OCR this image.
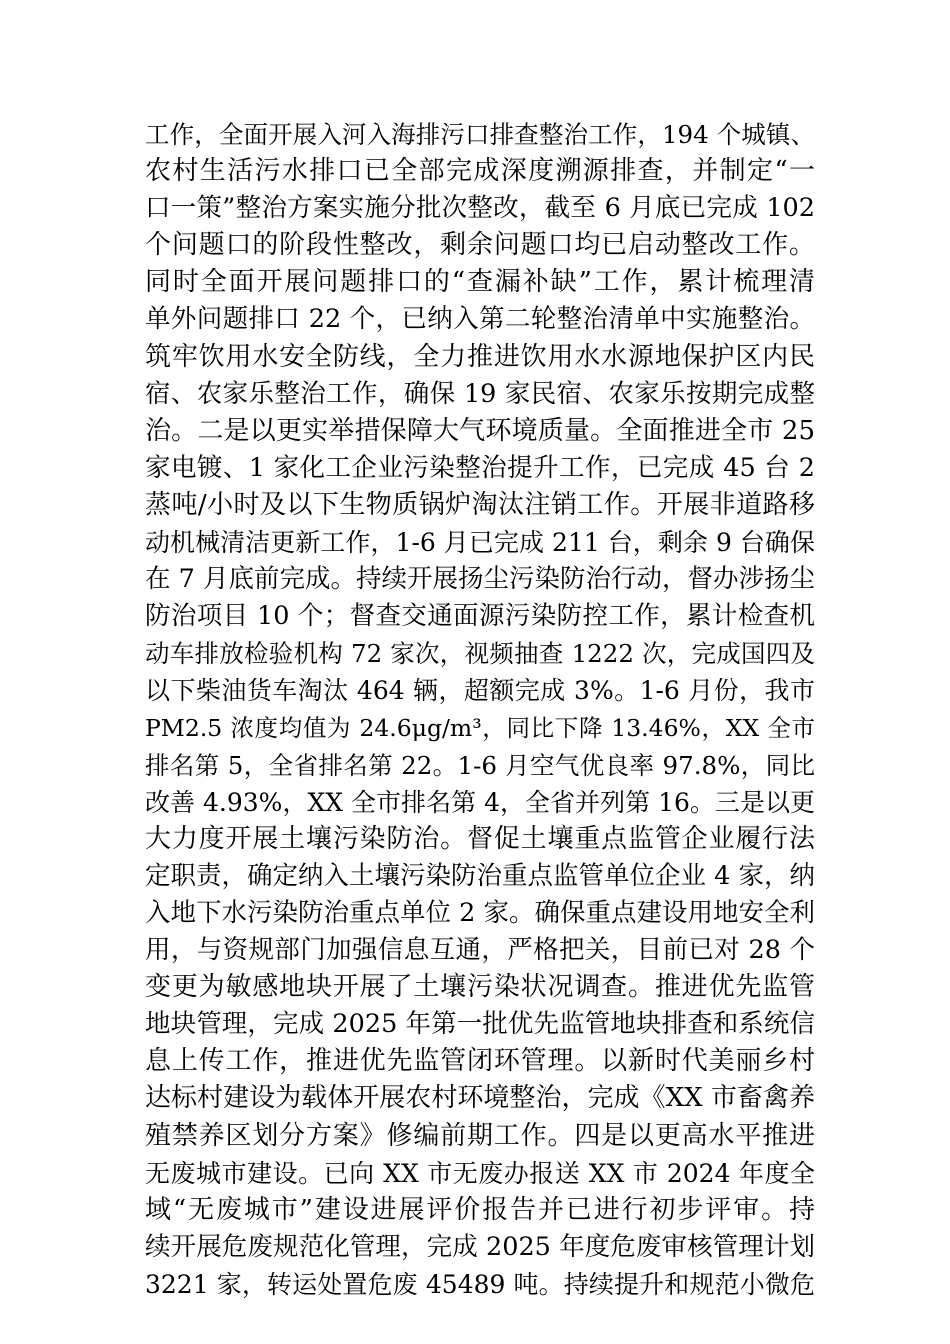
工作，全面开展入河入海排污口排查整治工作，194 个城镇、
农村生活污水排口已全部完成深度溯源排查，并制定“一
口一策”整治方案实施分批次整改，截至 6 月底已完成 102
个问题口的阶段性整改，剩余问题口均已启动整改工作。
同时全面开展问题排口的“查漏补缺”工作，累计梳理清
单外问题排口 22 个，已纳入第二轮整治清单中实施整治。
筑牢饮用水安全防线，全力推进饮用水水源地保护区内民
宿、农家乐整治工作，确保 19 家民宿、农家乐按期完成整
治。二是以更实举措保障大气环境质量。全面推进全市 25
家电镀、1 家化工企业污染整治提升工作，已完成 45 台 2
蒸吨/小时及以下生物质锅炉淘汰注销工作。开展非道路移
动机械清洁更新工作，1-6 月已完成 211 台，剩余 9 台确保
在 7 月底前完成。持续开展扬尘污染防治行动，督办涉扬尘
防治项目 10 个；督查交通面源污染防控工作，累计检查机
动车排放检验机构 72 家次，视频抽查 1222 次，完成国四及
以下柴油货车淘汰 464 辆，超额完成 3%。1-6 月份，我市
PM2.5 浓度均值为 24.6μg/m³，同比下降 13.46%，XX 全市
排名第 5，全省排名第 22。1-6 月空气优良率 97.8%，同比
改善 4.93%，XX 全市排名第 4，全省并列第 16。三是以更
大力度开展土壤污染防治。督促土壤重点监管企业履行法
定职责，确定纳入土壤污染防治重点监管单位企业 4 家，纳
入地下水污染防治重点单位 2 家。确保重点建设用地安全利
用，与资规部门加强信息互通，严格把关，目前已对 28 个
变更为敏感地块开展了土壤污染状况调查。推进优先监管
地块管理，完成 2025 年第一批优先监管地块排查和系统信
息上传工作，推进优先监管闭环管理。以新时代美丽乡村
达标村建设为载体开展农村环境整治，完成《XX 市畜禽养
殖禁养区划分方案》修编前期工作。四是以更高水平推进
无废城市建设。已向 XX 市无废办报送 XX 市 2024 年度全
域“无废城市”建设进展评价报告并已进行初步评审。持
续开展危废规范化管理，完成 2025 年度危废审核管理计划
3221 家，转运处置危废 45489 吨。持续提升和规范小微危
